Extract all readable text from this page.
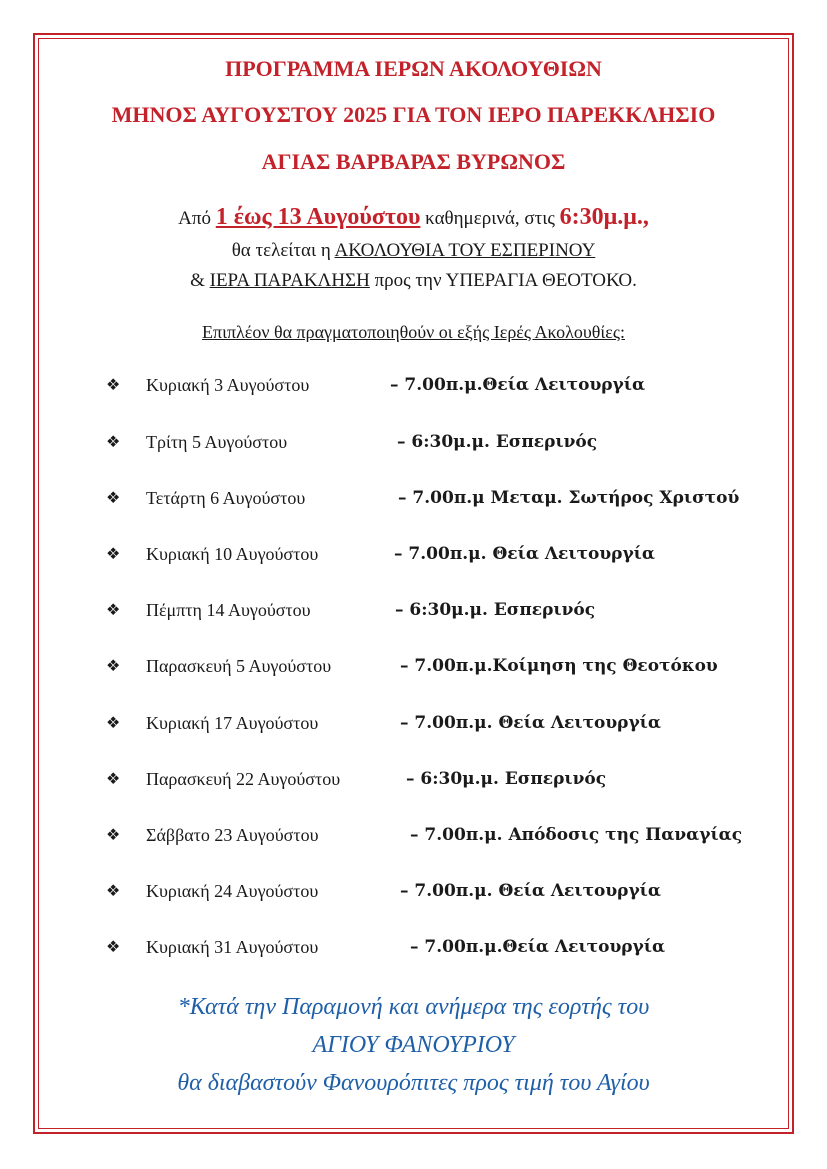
ΠΡΟΓΡΑΜΜΑ ΙΕΡΩΝ ΑΚΟΛΟΥΘΙΩΝ
ΜΗΝΟΣ ΑΥΓΟΥΣΤΟΥ 2025 ΓΙΑ ΤΟΝ ΙΕΡΟ ΠΑΡΕΚΚΛΗΣΙΟ
ΑΓΙΑΣ ΒΑΡΒΑΡΑΣ ΒΥΡΩΝΟΣ
Από 1 έως 13 Αυγούστου καθημερινά, στις 6:30μ.μ.,
θα τελείται η ΑΚΟΛΟΥΘΙΑ ΤΟΥ ΕΣΠΕΡΙΝΟΥ
& ΙΕΡΑ ΠΑΡΑΚΛΗΣΗ προς την ΥΠΕΡΑΓΙΑ ΘΕΟΤΟΚΟ.
Επιπλέον θα πραγματοποιηθούν οι εξής Ιερές Ακολουθίες:
❖ Κυριακή 3 Αυγούστου	– 7.00π.μ.Θεία Λειτουργία
❖ Τρίτη 5 Αυγούστου	– 6:30μ.μ. Εσπερινός
❖ Τετάρτη 6 Αυγούστου	– 7.00π.μ Μεταμ. Σωτήρος Χριστού
❖ Κυριακή 10 Αυγούστου	– 7.00π.μ. Θεία Λειτουργία
❖ Πέμπτη 14 Αυγούστου	– 6:30μ.μ. Εσπερινός
❖ Παρασκευή 5 Αυγούστου	– 7.00π.μ.Κοίμηση της Θεοτόκου
❖ Κυριακή 17 Αυγούστου	– 7.00π.μ. Θεία Λειτουργία
❖ Παρασκευή 22 Αυγούστου	– 6:30μ.μ. Εσπερινός
❖ Σάββατο 23 Αυγούστου	– 7.00π.μ. Απόδοσις της Παναγίας
❖ Κυριακή 24 Αυγούστου	– 7.00π.μ. Θεία Λειτουργία
❖ Κυριακή 31 Αυγούστου	– 7.00π.μ.Θεία Λειτουργία
*Κατά την Παραμονή και ανήμερα της εορτής του
ΑΓΙΟΥ ΦΑΝΟΥΡΙΟΥ
θα διαβαστούν Φανουρόπιτες προς τιμή του Αγίου
